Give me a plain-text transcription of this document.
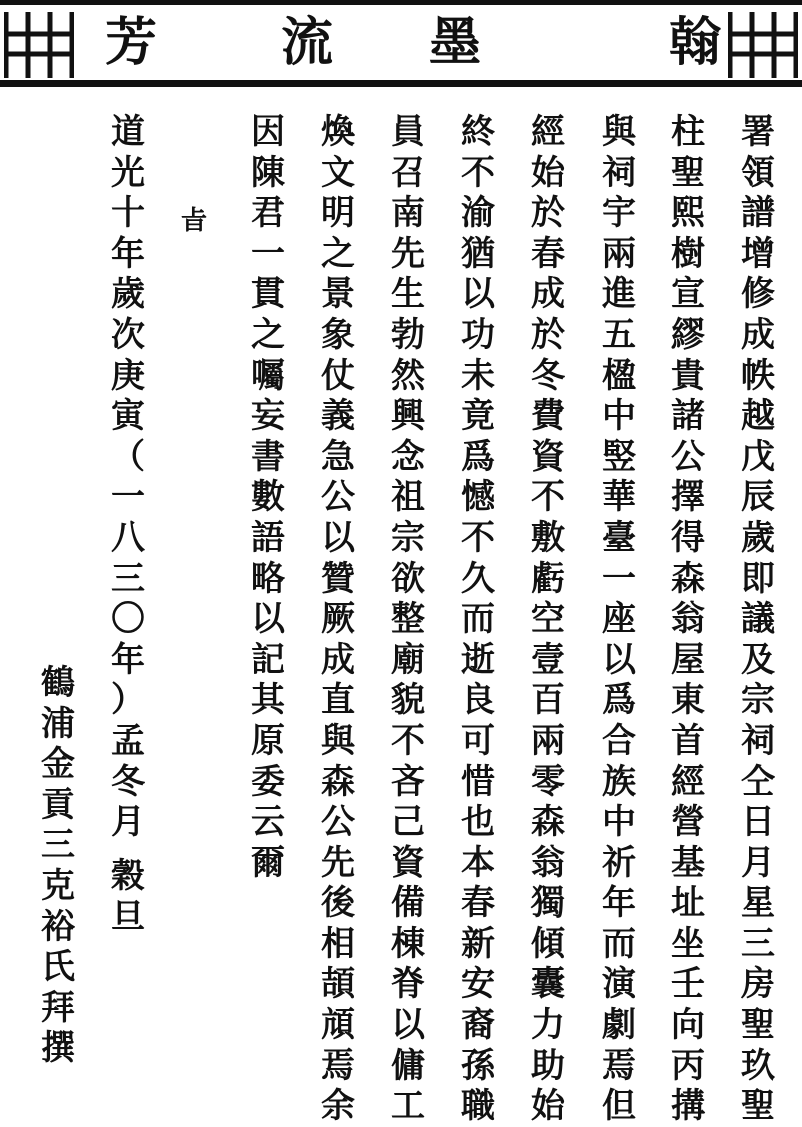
翰
墨
流
芳
署
領
譜
增
修
成
帙
越
戊
辰
歲
即
議
及
宗
祠
仝
日
月
星
三
房
聖
玖
聖
柱
聖
熙
樹
宣
繆
貴
諸
公
擇
得
森
翁
屋
東
首
經
營
基
址
坐
壬
向
丙
搆
與
祠
宇
兩
進
五
楹
中
竪
華
臺
一
座
以
爲
合
族
中
祈
年
而
演
劇
焉
但
經
始
於
春
成
於
冬
費
資
不
敷
虧
空
壹
百
兩
零
森
翁
獨
傾
囊
力
助
始
終
不
渝
猶
以
功
未
竟
爲
憾
不
久
而
逝
良
可
惜
也
本
春
新
安
裔
孫
職
員
召
南
先
生
勃
然
興
念
祖
宗
欲
整
廟
貌
不
吝
己
資
備
棟
脊
以
傭
工
煥
文
明
之
景
象
仗
義
急
公
以
贊
厥
成
直
與
森
公
先
後
相
頡
頏
焉
余
因
陳
君
一
貫
之
囑
妄
書
數
語
略
以
記
其
原
委
云
爾
㫖
道
光
十
年
歲
次
庚
寅
（
一
八
三
〇
年
）
孟
冬
月
穀
旦
鶴
浦
金
貢
三
克
裕
氏
拜
撰
